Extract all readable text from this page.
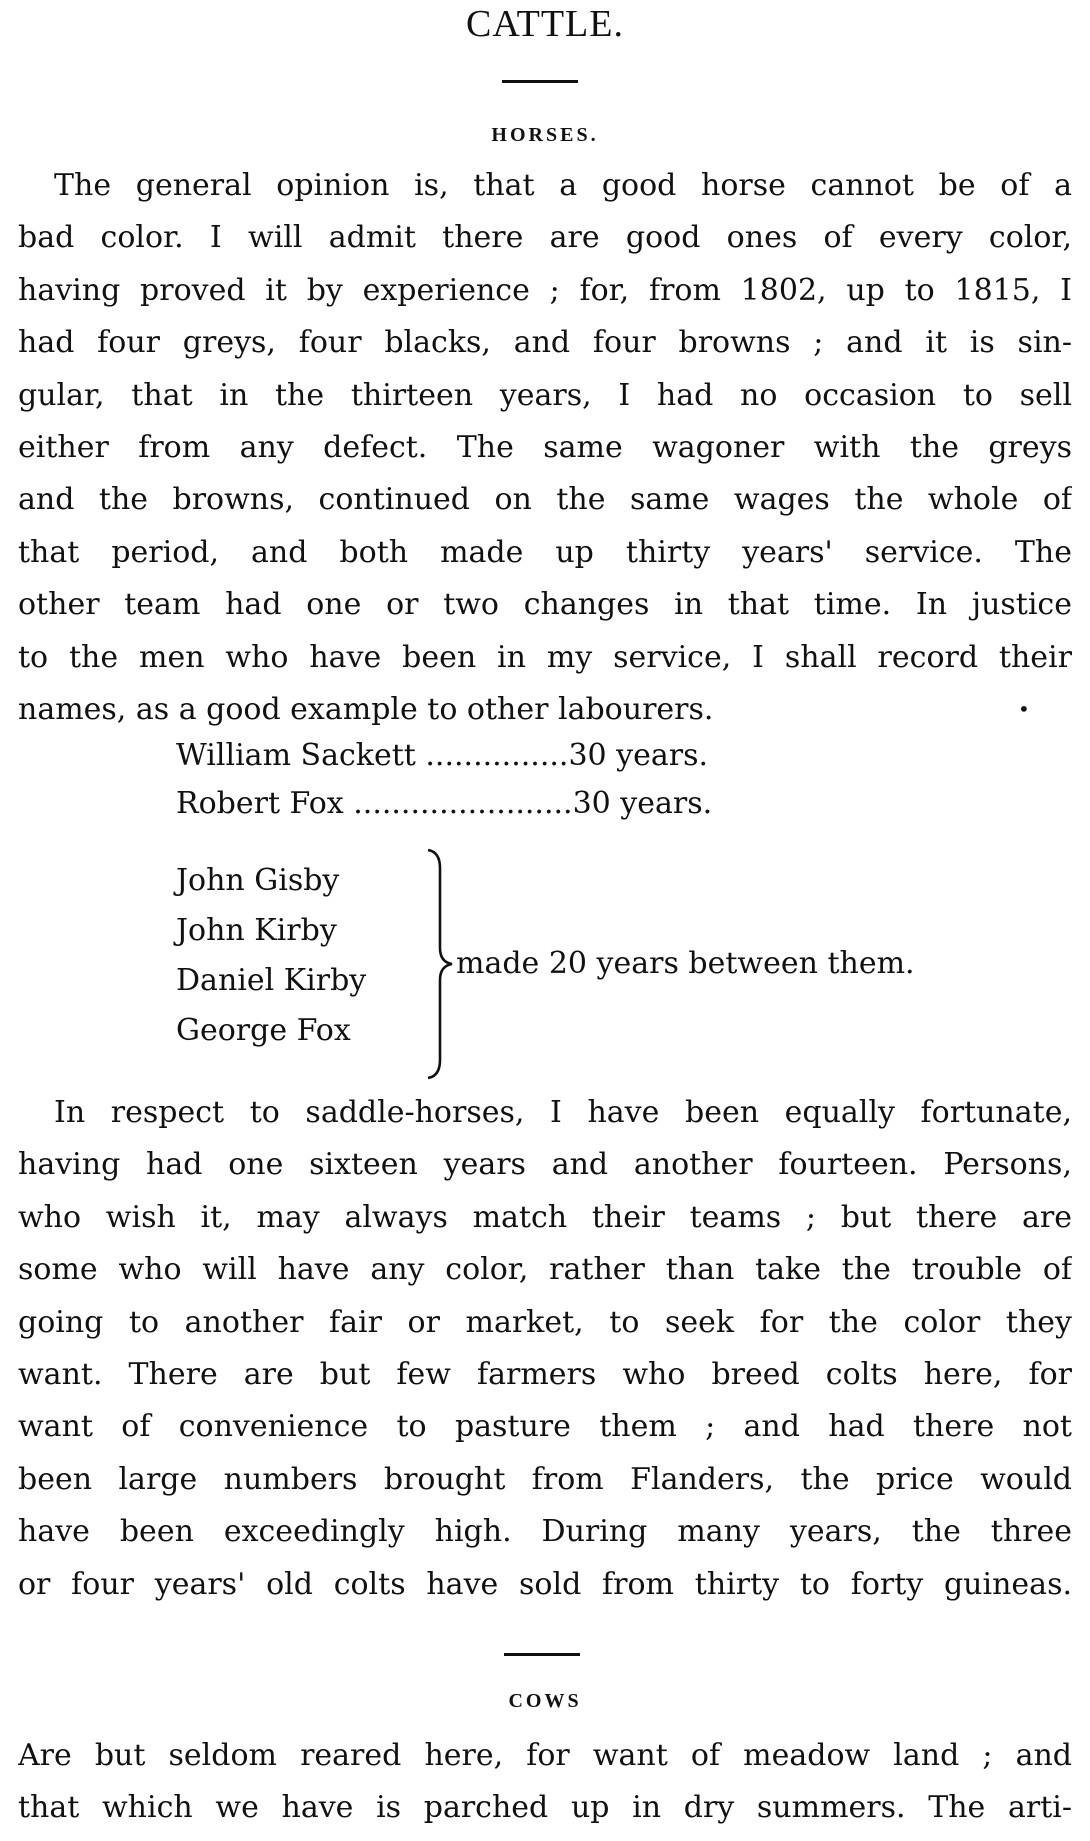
CATTLE.
HORSES.
The general opinion is, that a good horse cannot be of a
bad color. I will admit there are good ones of every color,
having proved it by experience ; for, from 1802, up to 1815, I
had four greys, four blacks, and four browns ; and it is sin-
gular, that in the thirteen years, I had no occasion to sell
either from any defect. The same wagoner with the greys
and the browns, continued on the same wages the whole of
that period, and both made up thirty years' service. The
other team had one or two changes in that time. In justice
to the men who have been in my service, I shall record their
names, as a good example to other labourers.	•
William Sackett ...............30 years.
Robert Fox .......................30 years.
John Gisby
John Kirby
Daniel Kirby
George Fox
made 20 years between them.
In respect to saddle-horses, I have been equally fortunate,
having had one sixteen years and another fourteen. Persons,
who wish it, may always match their teams ; but there are
some who will have any color, rather than take the trouble of
going to another fair or market, to seek for the color they
want. There are but few farmers who breed colts here, for
want of convenience to pasture them ; and had there not
been large numbers brought from Flanders, the price would
have been exceedingly high. During many years, the three
or four years' old colts have sold from thirty to forty guineas.
COWS
Are but seldom reared here, for want of meadow land ; and
that which we have is parched up in dry summers. The arti-
